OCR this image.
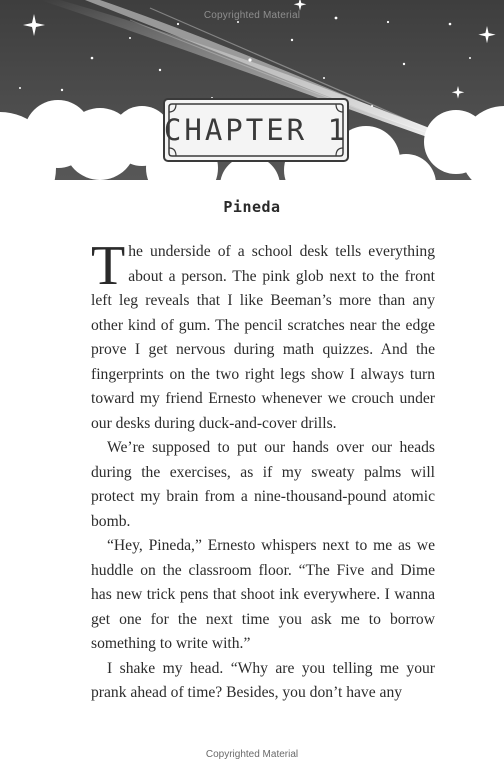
Copyrighted Material
CHAPTER 1
Pineda

The underside of a school desk tells everything about a person. The pink glob next to the front left leg reveals that I like Beeman’s more than any other kind of gum. The pencil scratches near the edge prove I get nervous during math quizzes. And the fingerprints on the two right legs show I always turn toward my friend Ernesto whenever we crouch under our desks during duck-and-cover drills.

We’re supposed to put our hands over our heads during the exercises, as if my sweaty palms will protect my brain from a nine-thousand-pound atomic bomb.

“Hey, Pineda,” Ernesto whispers next to me as we huddle on the classroom floor. “The Five and Dime has new trick pens that shoot ink everywhere. I wanna get one for the next time you ask me to borrow something to write with.”

I shake my head. “Why are you telling me your prank ahead of time? Besides, you don’t have any

Copyrighted Material
